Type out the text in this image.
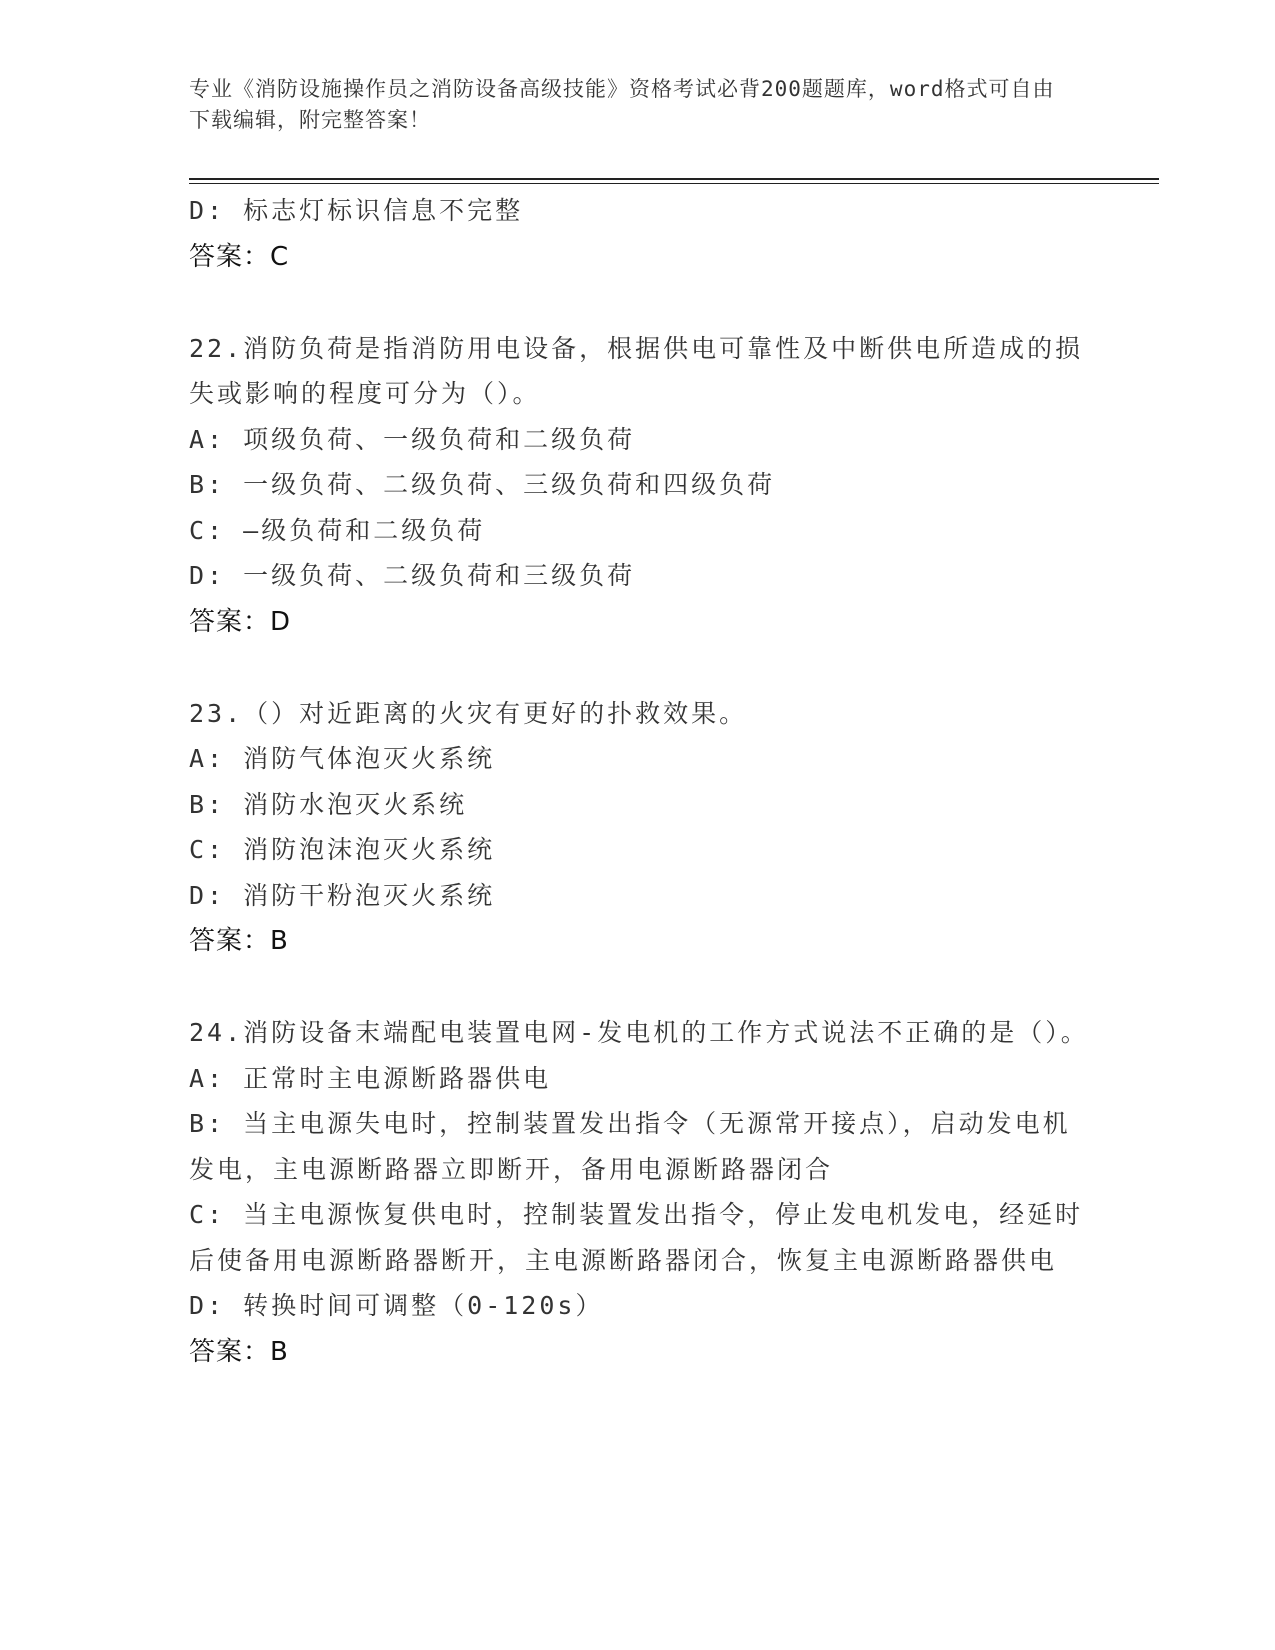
专业《消防设施操作员之消防设备高级技能》资格考试必背200题题库，word格式可自由下载编辑，附完整答案！

D: 标志灯标识信息不完整

答案：C

22.消防负荷是指消防用电设备，根据供电可靠性及中断供电所造成的损失或影响的程度可分为（）。

A: 项级负荷、一级负荷和二级负荷

B: 一级负荷、二级负荷、三级负荷和四级负荷

C: —级负荷和二级负荷

D: 一级负荷、二级负荷和三级负荷

答案：D

23.（）对近距离的火灾有更好的扑救效果。

A: 消防气体泡灭火系统

B: 消防水泡灭火系统

C: 消防泡沫泡灭火系统

D: 消防干粉泡灭火系统

答案：B

24.消防设备末端配电装置电网-发电机的工作方式说法不正确的是（）。

A: 正常时主电源断路器供电

B: 当主电源失电时，控制装置发出指令（无源常开接点），启动发电机发电，主电源断路器立即断开，备用电源断路器闭合

C: 当主电源恢复供电时，控制装置发出指令，停止发电机发电，经延时后使备用电源断路器断开，主电源断路器闭合，恢复主电源断路器供电

D: 转换时间可调整（0-120s）

答案：B
